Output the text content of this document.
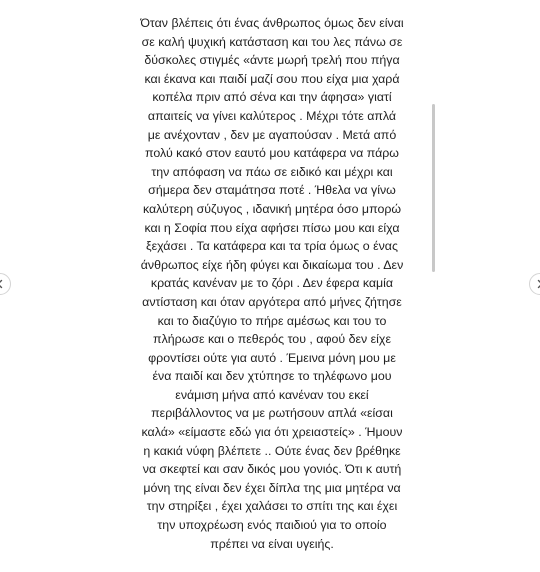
Όταν βλέπεις ότι ένας άνθρωπος όμως δεν είναι
σε καλή ψυχική κατάσταση και του λες πάνω σε
δύσκολες στιγμές «άντε μωρή τρελή που πήγα
και έκανα και παιδί μαζί σου που είχα μια χαρά
κοπέλα πριν από σένα και την άφησα» γιατί
απαιτείς να γίνει καλύτερος . Μέχρι τότε απλά
με ανέχονταν , δεν με αγαπούσαν . Μετά από
πολύ κακό στον εαυτό μου κατάφερα να πάρω
την απόφαση να πάω σε ειδικό και μέχρι και
σήμερα δεν σταμάτησα ποτέ . Ήθελα να γίνω
καλύτερη σύζυγος , ιδανική μητέρα όσο μπορώ
και η Σοφία που είχα αφήσει πίσω μου και είχα
ξεχάσει . Τα κατάφερα και τα τρία όμως ο ένας
άνθρωπος είχε ήδη φύγει και δικαίωμα του . Δεν
κρατάς κανέναν με το ζόρι . Δεν έφερα καμία
αντίσταση και όταν αργότερα από μήνες ζήτησε
και το διαζύγιο το πήρε αμέσως και του το
πλήρωσε και ο πεθερός του , αφού δεν είχε
φροντίσει ούτε για αυτό . Έμεινα μόνη μου με
ένα παιδί και δεν χτύπησε το τηλέφωνο μου
ενάμιση μήνα από κανέναν του εκεί
περιβάλλοντος να με ρωτήσουν απλά «είσαι
καλά» «είμαστε εδώ για ότι χρειαστείς» . Ήμουν
η κακιά νύφη βλέπετε .. Ούτε ένας δεν βρέθηκε
να σκεφτεί και σαν δικός μου γονιός. Ότι κ αυτή
μόνη της είναι δεν έχει δίπλα της μια μητέρα να
την στηρίξει , έχει χαλάσει το σπίτι της και έχει
την υποχρέωση ενός παιδιού για το οποίο
πρέπει να είναι υγειής.
